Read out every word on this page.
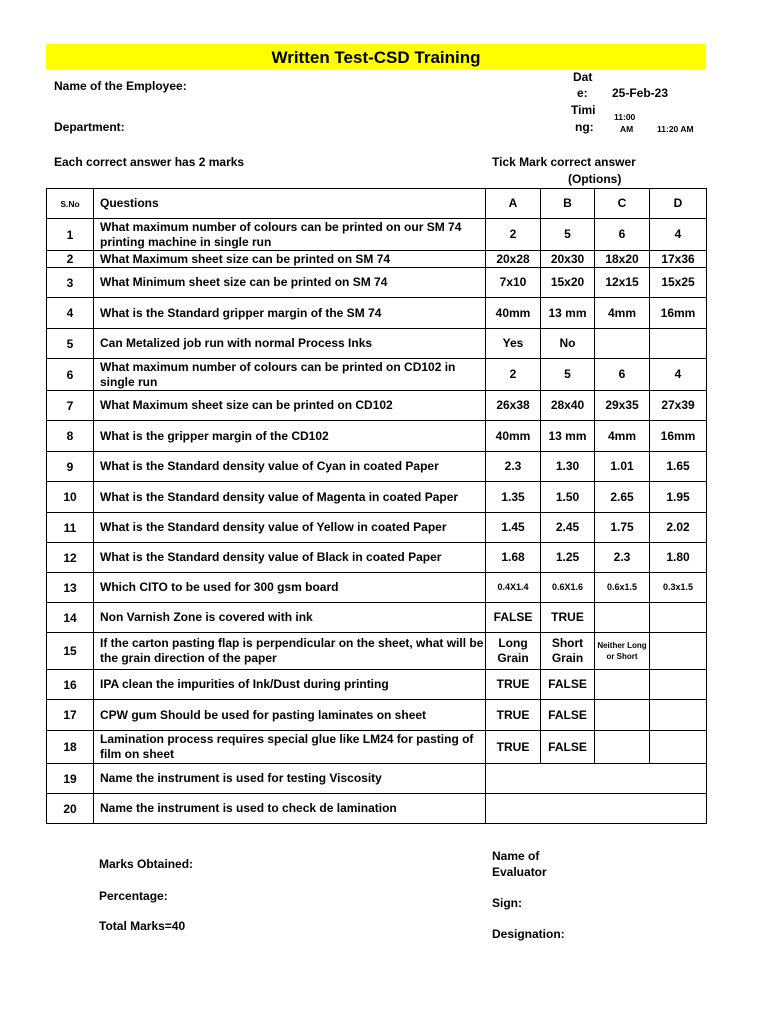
Written Test-CSD Training
Name of the Employee:
Department:
Dat
e: 25-Feb-23
Timi
ng:
11:00
AM	11:20 AM
Each correct answer has 2 marks	Tick Mark correct answer
(Options)
S.No	Questions	A	B	C	D
1	What maximum number of colours can be printed on our SM 74 printing machine in single run	2	5	6	4
2	What Maximum sheet size can be printed on SM 74	20x28	20x30	18x20	17x36
3	What Minimum sheet size can be printed on SM 74	7x10	15x20	12x15	15x25
4	What is the Standard gripper margin of the SM 74	40mm	13 mm	4mm	16mm
5	Can Metalized job run with normal Process Inks	Yes	No		
6	What maximum number of colours can be printed on CD102 in single run	2	5	6	4
7	What Maximum sheet size can be printed on CD102	26x38	28x40	29x35	27x39
8	What is the gripper margin of the CD102	40mm	13 mm	4mm	16mm
9	What is the Standard density value of Cyan in coated Paper	2.3	1.30	1.01	1.65
10	What is the Standard density value of Magenta in coated Paper	1.35	1.50	2.65	1.95
11	What is the Standard density value of Yellow in coated Paper	1.45	2.45	1.75	2.02
12	What is the Standard density value of Black in coated Paper	1.68	1.25	2.3	1.80
13	Which CITO to be used for 300 gsm board	0.4X1.4	0.6X1.6	0.6x1.5	0.3x1.5
14	Non Varnish Zone is covered with ink	FALSE	TRUE		
15	If the carton pasting flap is perpendicular on the sheet, what will be the grain direction of the paper	Long Grain	Short Grain	Neither Long or Short	
16	IPA clean the impurities of Ink/Dust during printing	TRUE	FALSE		
17	CPW gum Should be used for pasting laminates on sheet	TRUE	FALSE		
18	Lamination process requires special glue like LM24 for pasting of film on sheet	TRUE	FALSE		
19	Name the instrument is used for testing Viscosity				
20	Name the instrument is used to check de lamination				
Marks Obtained:
Percentage:
Total Marks=40
Name of
Evaluator
Sign:
Designation:
